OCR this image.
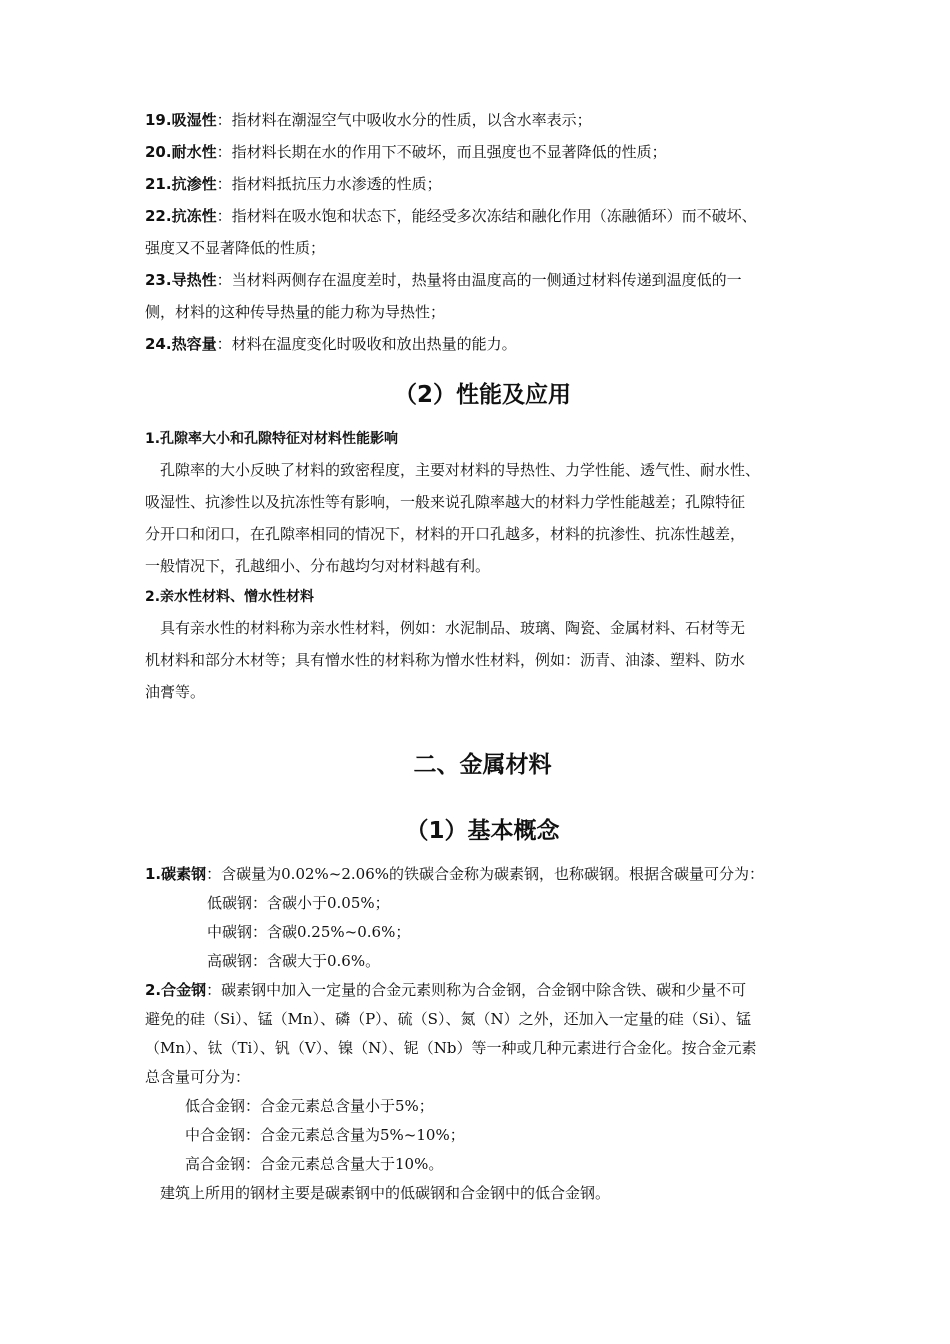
19.吸湿性：指材料在潮湿空气中吸收水分的性质，以含水率表示；
20.耐水性：指材料长期在水的作用下不破坏，而且强度也不显著降低的性质；
21.抗渗性：指材料抵抗压力水渗透的性质；
22.抗冻性：指材料在吸水饱和状态下，能经受多次冻结和融化作用（冻融循环）而不破坏、
强度又不显著降低的性质；
23.导热性：当材料两侧存在温度差时，热量将由温度高的一侧通过材料传递到温度低的一
侧，材料的这种传导热量的能力称为导热性；
24.热容量：材料在温度变化时吸收和放出热量的能力。
（2）性能及应用
1.孔隙率大小和孔隙特征对材料性能影响
　孔隙率的大小反映了材料的致密程度，主要对材料的导热性、力学性能、透气性、耐水性、
吸湿性、抗渗性以及抗冻性等有影响，一般来说孔隙率越大的材料力学性能越差；孔隙特征
分开口和闭口，在孔隙率相同的情况下，材料的开口孔越多，材料的抗渗性、抗冻性越差，
一般情况下，孔越细小、分布越均匀对材料越有利。
2.亲水性材料、憎水性材料
　具有亲水性的材料称为亲水性材料，例如：水泥制品、玻璃、陶瓷、金属材料、石材等无
机材料和部分木材等；具有憎水性的材料称为憎水性材料，例如：沥青、油漆、塑料、防水
油膏等。
二、金属材料
（1）基本概念
1.碳素钢：含碳量为0.02%~2.06%的铁碳合金称为碳素钢，也称碳钢。根据含碳量可分为：
低碳钢：含碳小于0.05%；
中碳钢：含碳0.25%~0.6%；
高碳钢：含碳大于0.6%。
2.合金钢：碳素钢中加入一定量的合金元素则称为合金钢，合金钢中除含铁、碳和少量不可
避免的硅（Si）、锰（Mn）、磷（P）、硫（S）、氮（N）之外，还加入一定量的硅（Si）、锰
（Mn）、钛（Ti）、钒（V）、镍（N）、铌（Nb）等一种或几种元素进行合金化。按合金元素
总含量可分为：
低合金钢：合金元素总含量小于5%；
中合金钢：合金元素总含量为5%~10%；
高合金钢：合金元素总含量大于10%。
　建筑上所用的钢材主要是碳素钢中的低碳钢和合金钢中的低合金钢。
